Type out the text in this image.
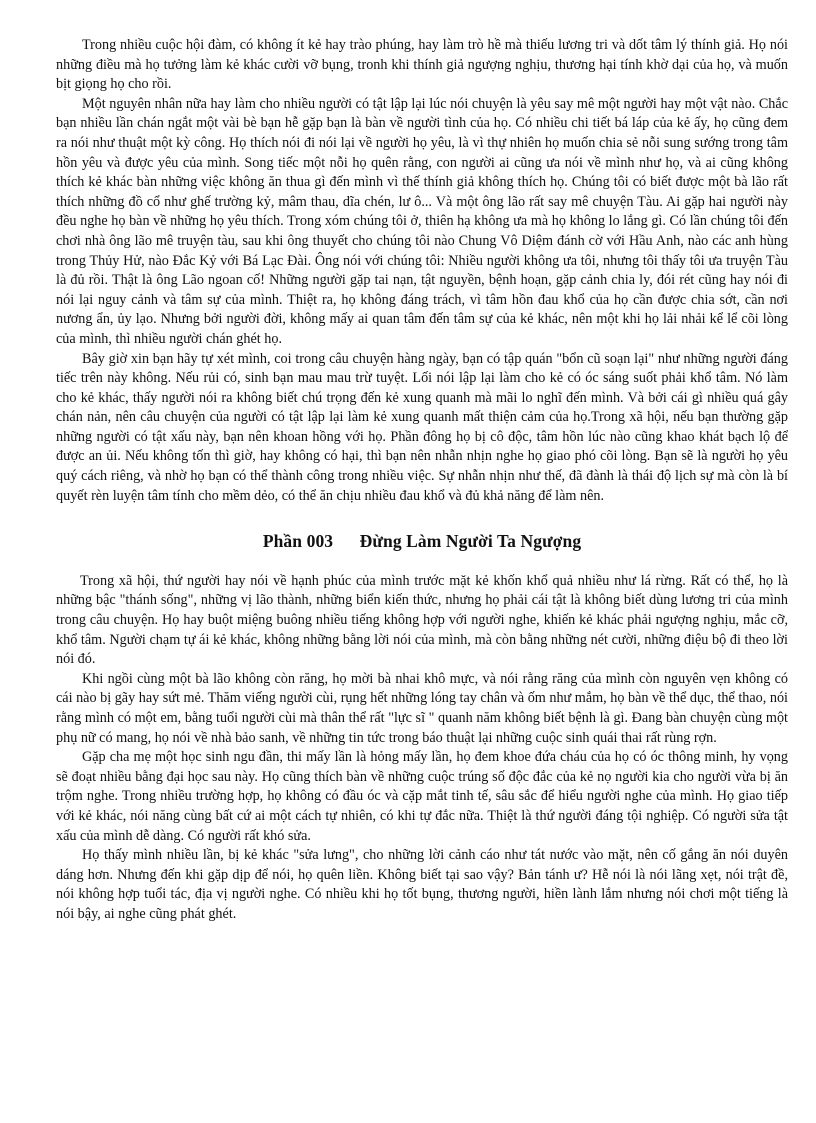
Trong nhiều cuộc hội đàm, có không ít kẻ hay trào phúng, hay làm trò hề mà thiếu lương tri và dốt tâm lý thính giả. Họ nói những điều mà họ tưởng làm kẻ khác cười vỡ bụng, tronh khi thính giả ngượng nghịu, thương hại tính khờ dại của họ, và muốn bịt giọng họ cho rồi.

Một nguyên nhân nữa hay làm cho nhiều người có tật lập lại lúc nói chuyện là yêu say mê một người hay một vật nào. Chắc bạn nhiều lần chán ngắt một vài bè bạn hễ gặp bạn là bàn về người tình của họ. Có nhiều chi tiết bá láp của kẻ ấy, họ cũng đem ra nói như thuật một kỳ công. Họ thích nói đi nói lại về người họ yêu, là vì thự nhiên họ muốn chia sẻ nỗi sung sướng trong tâm hồn yêu và được yêu của mình. Song tiếc một nỗi họ quên rằng, con người ai cũng ưa nói về mình như họ, và ai cũng không thích kẻ khác bàn những việc không ăn thua gì đến mình vì thế thính giả không thích họ. Chúng tôi có biết được một bà lão rất thích những đồ cổ như ghế trường kỷ, mâm thau, dĩa chén, lư ô... Và một ông lão rất say mê chuyện Tàu. Ai gặp hai người này đều nghe họ bàn về những họ yêu thích. Trong xóm chúng tôi ở, thiên hạ không ưa mà họ không lo lắng gì. Có lần chúng tôi đến chơi nhà ông lão mê truyện tàu, sau khi ông thuyết cho chúng tôi nào Chung Vô Diệm đánh cờ với Hầu Anh, nào các anh hùng trong Thủy Hử, nào Đắc Kỷ với Bá Lạc Đài. Ông nói với chúng tôi: Nhiều người không ưa tôi, nhưng tôi thấy tôi ưa truyện Tàu là đủ rồi. Thật là ông Lão ngoan cố! Những người gặp tai nạn, tật nguyền, bệnh hoạn, gặp cảnh chia ly, đói rét cũng hay nói đi nói lại nguy cảnh và tâm sự của mình. Thiệt ra, họ không đáng trách, vì tâm hồn đau khổ của họ cần được chia sớt, cần nơi nương ẩn, ủy lạo. Nhưng bởi người đời, không mấy ai quan tâm đến tâm sự của kẻ khác, nên một khi họ lải nhải kể lể cõi lòng của mình, thì nhiều người chán ghét họ.

Bây giờ xin bạn hãy tự xét mình, coi trong câu chuyện hàng ngày, bạn có tập quán "bổn cũ soạn lại" như những người đáng tiếc trên này không. Nếu rủi có, sinh bạn mau mau trừ tuyệt. Lối nói lập lại làm cho kẻ có óc sáng suốt phải khổ tâm. Nó làm cho kẻ khác, thấy người nói ra không biết chú trọng đến kẻ xung quanh mà mãi lo nghĩ đến mình. Và bởi cái gì nhiều quá gây chán nản, nên câu chuyện của người có tật lập lại làm kẻ xung quanh mất thiện cảm của họ.Trong xã hội, nếu bạn thường gặp những người có tật xấu này, bạn nên khoan hồng với họ. Phần đông họ bị cô độc, tâm hồn lúc nào cũng khao khát bạch lộ để được an ủi. Nếu không tốn thì giờ, hay không có hại, thì bạn nên nhẫn nhịn nghe họ giao phó cõi lòng. Bạn sẽ là người họ yêu quý cách riêng, và nhờ họ bạn có thể thành công trong nhiều việc. Sự nhẫn nhịn như thế, đã đành là thái độ lịch sự mà còn là bí quyết rèn luyện tâm tính cho mềm dẻo, có thể ăn chịu nhiều đau khổ và đủ khả năng để làm nên.

Phần 003 Đừng Làm Người Ta Ngượng

Trong xã hội, thứ người hay nói về hạnh phúc của mình trước mặt kẻ khốn khổ quả nhiều như lá rừng. Rất có thể, họ là những bậc "thánh sống", những vị lão thành, những biển kiến thức, nhưng họ phải cái tật là không biết dùng lương tri của mình trong câu chuyện. Họ hay buột miệng buông nhiều tiếng không hợp với người nghe, khiến kẻ khác phải ngượng nghịu, mắc cỡ, khổ tâm. Người chạm tự ái kẻ khác, không những bằng lời nói của mình, mà còn bằng những nét cười, những điệu bộ đi theo lời nói đó.

Khi ngồi cùng một bà lão không còn răng, họ mời bà nhai khô mực, và nói rằng răng của mình còn nguyên vẹn không có cái nào bị gãy hay sứt mẻ. Thăm viếng người cùi, rụng hết những lóng tay chân và ốm như mắm, họ bàn về thể dục, thể thao, nói rằng mình có một em, bằng tuổi người cùi mà thân thể rất "lực sĩ " quanh năm không biết bệnh là gì. Đang bàn chuyện cùng một phụ nữ có mang, họ nói về nhà bảo sanh, về những tin tức trong báo thuật lại những cuộc sinh quái thai rất rùng rợn.

Gặp cha mẹ một học sinh ngu đần, thi mấy lần là hỏng mấy lần, họ đem khoe đứa cháu của họ có óc thông minh, hy vọng sẽ đoạt nhiều bằng đại học sau này. Họ cũng thích bàn về những cuộc trúng số độc đắc của kẻ nọ người kia cho người vừa bị ăn trộm nghe. Trong nhiều trường hợp, họ không có đầu óc và cặp mắt tinh tế, sâu sắc để hiểu người nghe của mình. Họ giao tiếp với kẻ khác, nói năng cùng bất cứ ai một cách tự nhiên, có khi tự đắc nữa. Thiệt là thứ người đáng tội nghiệp. Có người sửa tật xấu của mình dễ dàng. Có người rất khó sửa.

Họ thấy mình nhiều lần, bị kẻ khác "sửa lưng", cho những lời cảnh cáo như tát nước vào mặt, nên cố gắng ăn nói duyên dáng hơn. Nhưng đến khi gặp dịp để nói, họ quên liền. Không biết tại sao vậy? Bản tánh ư? Hễ nói là nói lãng xẹt, nói trật đề, nói không hợp tuổi tác, địa vị người nghe. Có nhiều khi họ tốt bụng, thương người, hiền lành lắm nhưng nói chơi một tiếng là nói bậy, ai nghe cũng phát ghét.
